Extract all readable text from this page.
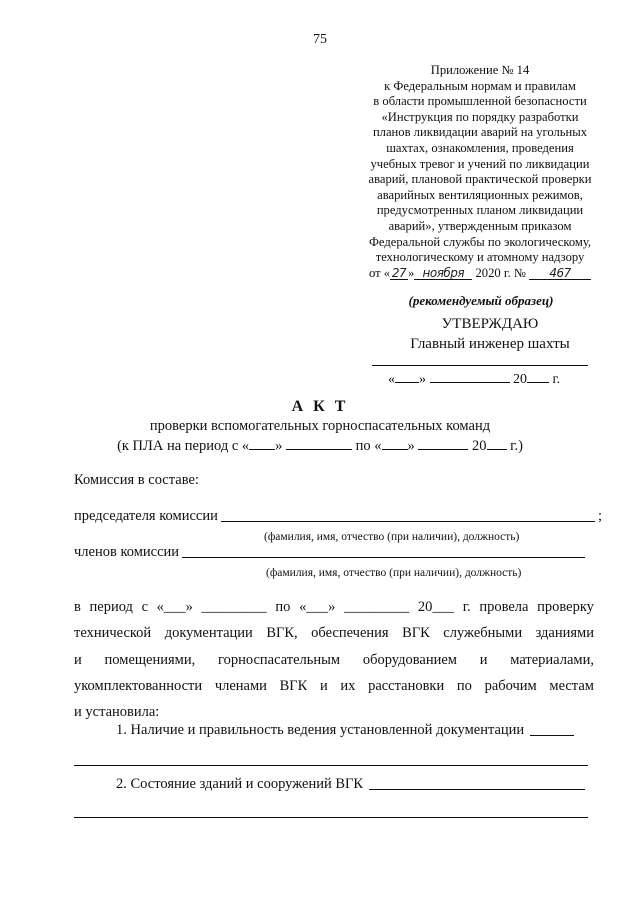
75
Приложение № 14
к Федеральным нормам и правилам
в области промышленной безопасности
«Инструкция по порядку разработки
планов ликвидации аварий на угольных
шахтах, ознакомления, проведения
учебных тревог и учений по ликвидации
аварий, плановой практической проверки
аварийных вентиляционных режимов,
предусмотренных планом ликвидации
аварий», утвержденным приказом
Федеральной службы по экологическому,
технологическому и атомному надзору
от « 27 » ноября 2020 г. № 467
(рекомендуемый образец)
УТВЕРЖДАЮ
Главный инженер шахты
« »	20 г.
А К Т
проверки вспомогательных горноспасательных команд
(к ПЛА на период с « »	по « »	20 г.)
Комиссия в составе:
председателя комиссии	;
(фамилия, имя, отчество (при наличии), должность)
членов комиссии
(фамилия, имя, отчество (при наличии), должность)
в период с «___» _________ по «___» _________ 20___ г. провела проверку
технической документации ВГК, обеспечения ВГК служебными зданиями
и помещениями, горноспасательным оборудованием и материалами,
укомплектованности членами ВГК и их расстановки по рабочим местам
и установила:
1. Наличие и правильность ведения установленной документации
2. Состояние зданий и сооружений ВГК
